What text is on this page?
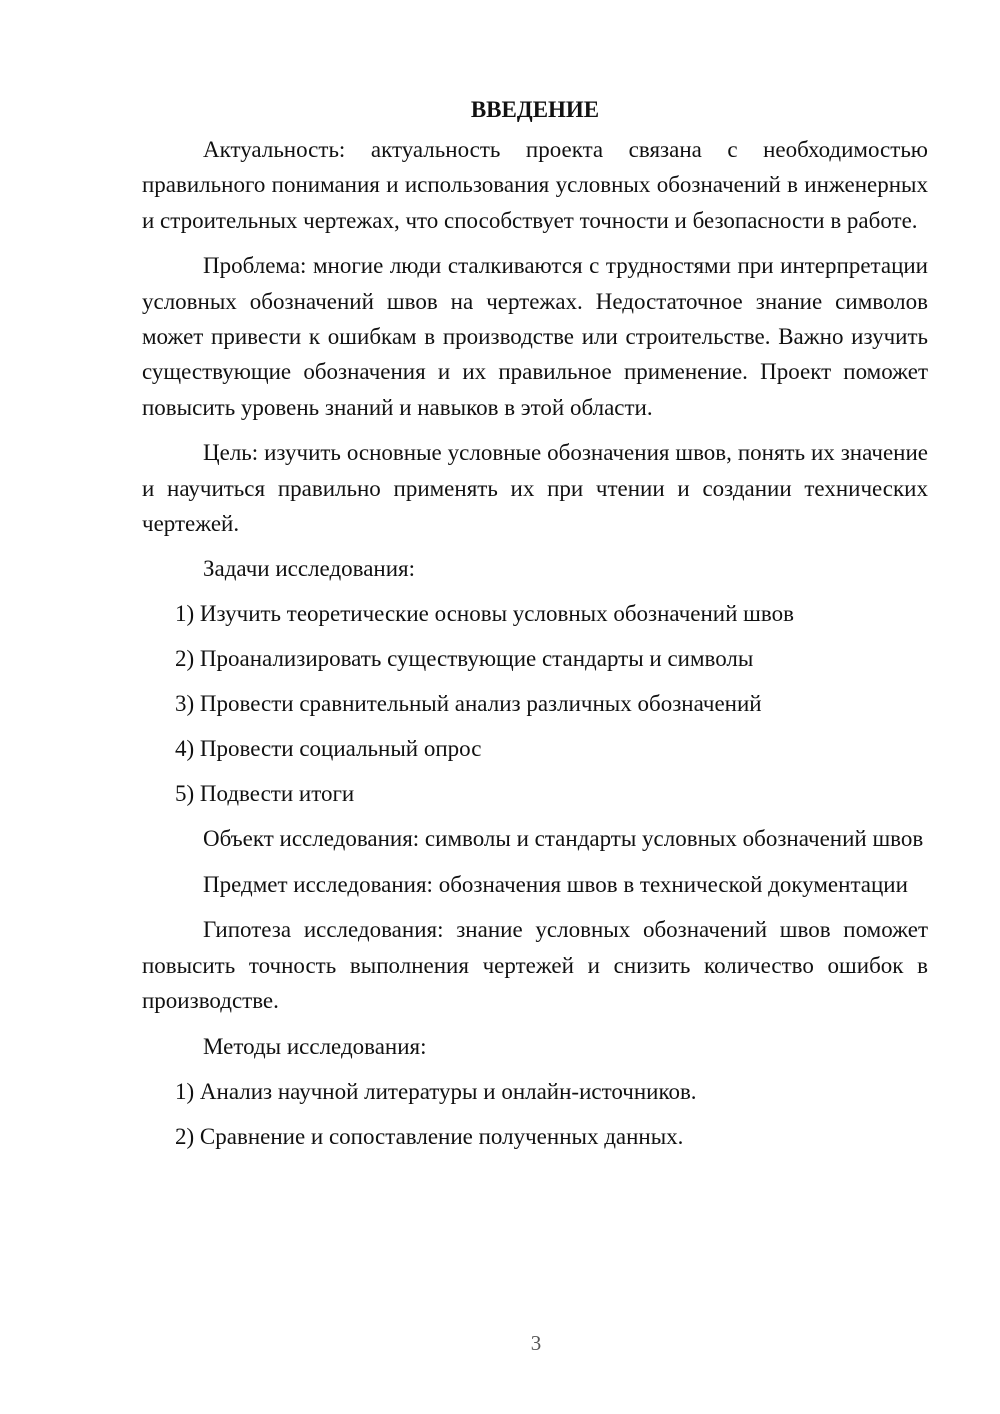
ВВЕДЕНИЕ

Актуальность: актуальность проекта связана с необходимостью правильного понимания и использования условных обозначений в инженерных и строительных чертежах, что способствует точности и безопасности в работе.

Проблема: многие люди сталкиваются с трудностями при интерпретации условных обозначений швов на чертежах. Недостаточное знание символов может привести к ошибкам в производстве или строительстве. Важно изучить существующие обозначения и их правильное применение. Проект поможет повысить уровень знаний и навыков в этой области.

Цель: изучить основные условные обозначения швов, понять их значение и научиться правильно применять их при чтении и создании технических чертежей.

Задачи исследования:
1) Изучить теоретические основы условных обозначений швов
2) Проанализировать существующие стандарты и символы
3) Провести сравнительный анализ различных обозначений
4) Провести социальный опрос
5) Подвести итоги

Объект исследования: символы и стандарты условных обозначений швов

Предмет исследования: обозначения швов в технической документации

Гипотеза исследования: знание условных обозначений швов поможет повысить точность выполнения чертежей и снизить количество ошибок в производстве.

Методы исследования:
1) Анализ научной литературы и онлайн-источников.
2) Сравнение и сопоставление полученных данных.
3
